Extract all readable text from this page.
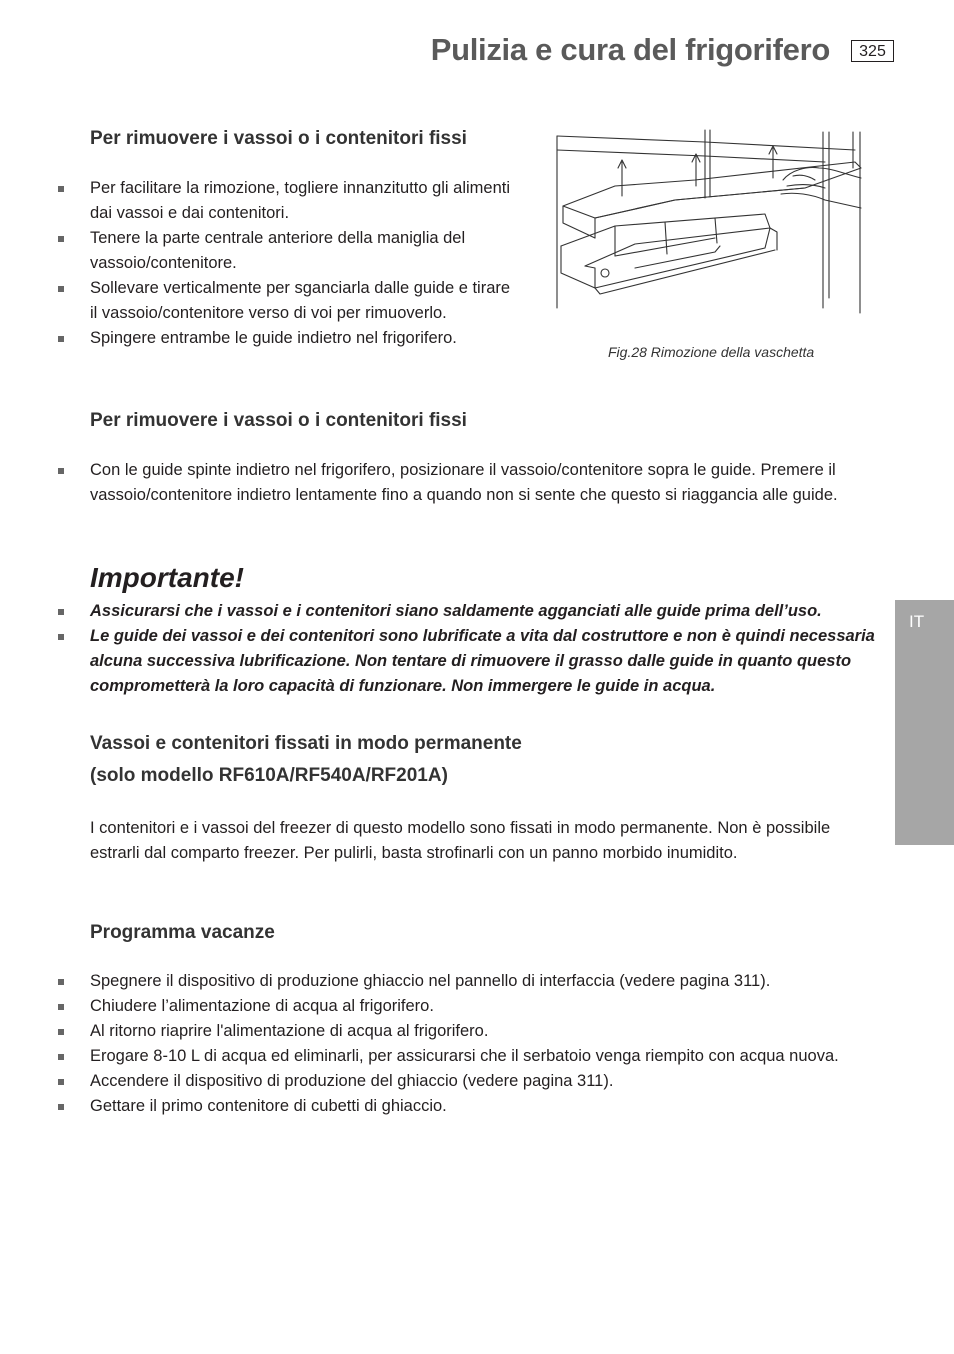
Pulizia e cura del frigorifero	325
IT
Per rimuovere i vassoi o i contenitori fissi
Per facilitare la rimozione, togliere innanzitutto gli alimenti dai vassoi e dai contenitori.
Tenere la parte centrale anteriore della maniglia del vassoio/contenitore.
Sollevare verticalmente per sganciarla dalle guide e tirare il vassoio/contenitore verso di voi per rimuoverlo.
Spingere entrambe le guide indietro nel frigorifero.
Fig.28 Rimozione della vaschetta
Per rimuovere i vassoi o i contenitori fissi
Con le guide spinte indietro nel frigorifero, posizionare il vassoio/contenitore sopra le guide. Premere il vassoio/contenitore indietro lentamente fino a quando non si sente che questo si riaggancia alle guide.
Importante!
Assicurarsi che i vassoi e i contenitori siano saldamente agganciati alle guide prima dell’uso.
Le guide dei vassoi e dei contenitori sono lubrificate a vita dal costruttore e non è quindi necessaria alcuna successiva lubrificazione. Non tentare di rimuovere il grasso dalle guide in quanto questo comprometterà la loro capacità di funzionare. Non immergere le guide in acqua.
Vassoi e contenitori fissati in modo permanente
(solo modello RF610A/RF540A/RF201A)

I contenitori e i vassoi del freezer di questo modello sono fissati in modo permanente. Non è possibile estrarli dal comparto freezer. Per pulirli, basta strofinarli con un panno morbido inumidito.

Programma vacanze
Spegnere il dispositivo di produzione ghiaccio nel pannello di interfaccia (vedere pagina 311).
Chiudere l’alimentazione di acqua al frigorifero.
Al ritorno riaprire l'alimentazione di acqua al frigorifero.
Erogare 8-10 L di acqua ed eliminarli, per assicurarsi che il serbatoio venga riempito con acqua nuova.
Accendere il dispositivo di produzione del ghiaccio (vedere pagina 311).
Gettare il primo contenitore di cubetti di ghiaccio.
